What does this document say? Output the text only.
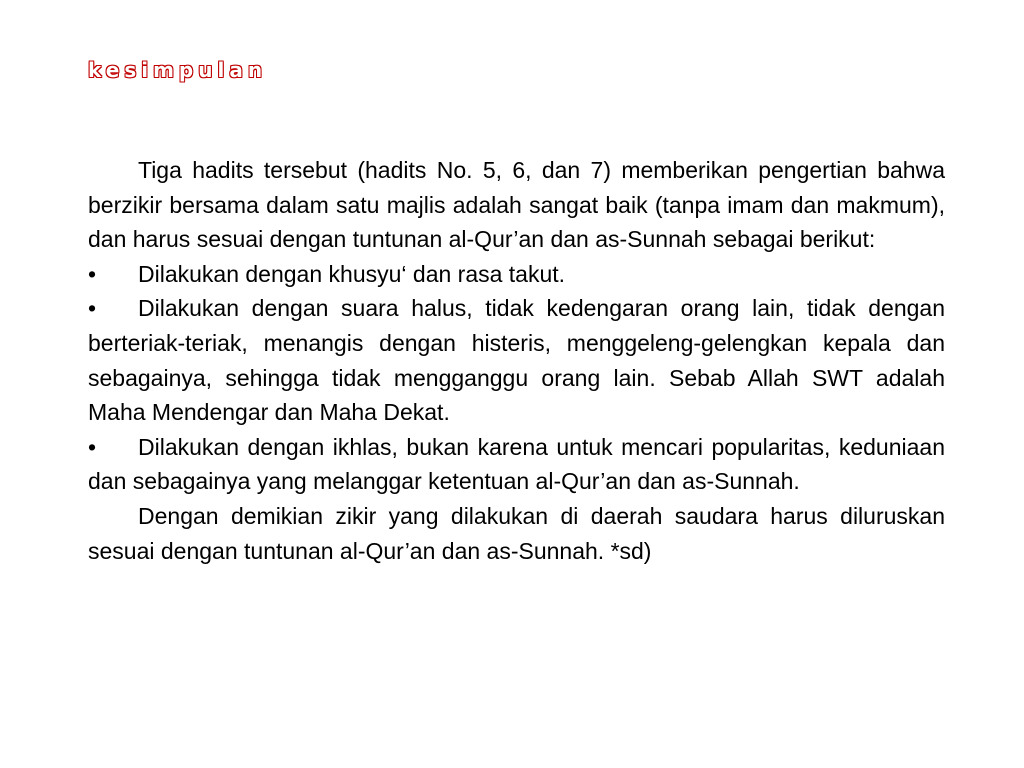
kesimpulan

Tiga hadits tersebut (hadits No. 5, 6, dan 7) memberikan pengertian bahwa berzikir bersama dalam satu majlis adalah sangat baik (tanpa imam dan makmum), dan harus sesuai dengan tuntunan al-Qur’an dan as-Sunnah sebagai berikut:

• Dilakukan dengan khusyu‘ dan rasa takut.

• Dilakukan dengan suara halus, tidak kedengaran orang lain, tidak dengan berteriak-teriak, menangis dengan histeris, menggeleng-gelengkan kepala dan sebagainya, sehingga tidak mengganggu orang lain. Sebab Allah SWT adalah Maha Mendengar dan Maha Dekat.

• Dilakukan dengan ikhlas, bukan karena untuk mencari popularitas, keduniaan dan sebagainya yang melanggar ketentuan al-Qur’an dan as-Sunnah.

Dengan demikian zikir yang dilakukan di daerah saudara harus diluruskan sesuai dengan tuntunan al-Qur’an dan as-Sunnah. *sd)
